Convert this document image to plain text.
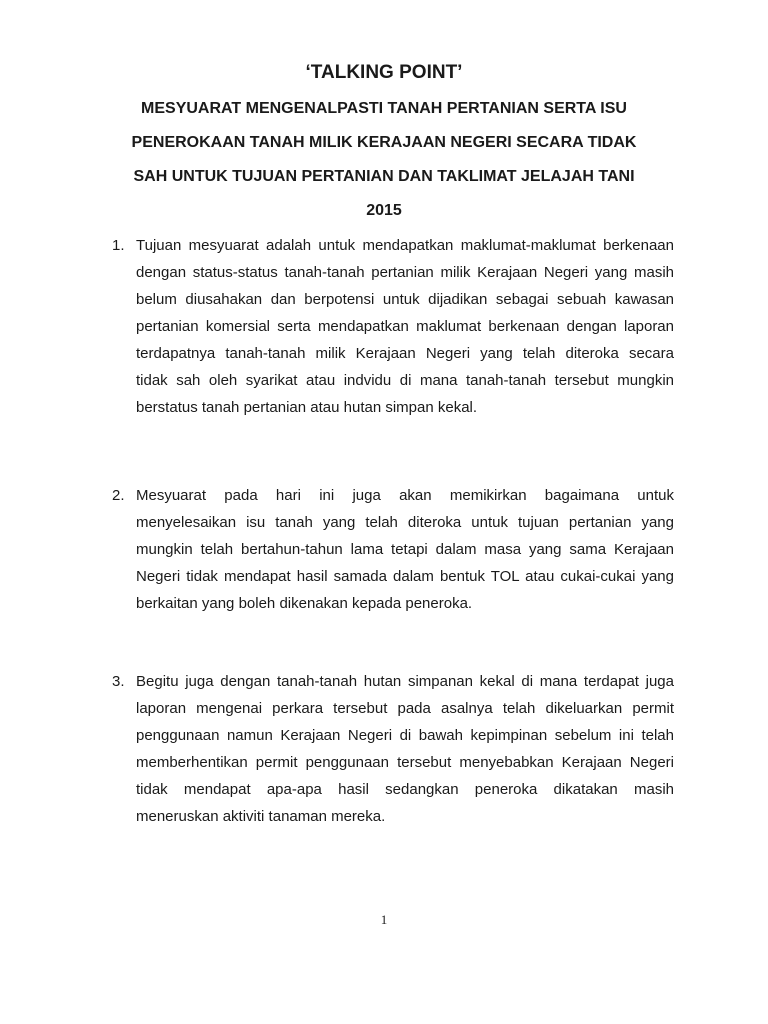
‘TALKING POINT’
MESYUARAT MENGENALPASTI TANAH PERTANIAN SERTA ISU
PENEROKAAN TANAH MILIK KERAJAAN NEGERI SECARA TIDAK
SAH UNTUK TUJUAN PERTANIAN DAN TAKLIMAT JELAJAH TANI
2015
1. Tujuan mesyuarat adalah untuk mendapatkan maklumat-maklumat berkenaan
dengan status-status tanah-tanah pertanian milik Kerajaan Negeri yang masih
belum diusahakan dan berpotensi untuk dijadikan sebagai sebuah kawasan
pertanian komersial serta mendapatkan maklumat berkenaan dengan laporan
terdapatnya tanah-tanah milik Kerajaan Negeri yang telah diteroka secara
tidak sah oleh syarikat atau indvidu di mana tanah-tanah tersebut mungkin
berstatus tanah pertanian atau hutan simpan kekal.
2. Mesyuarat pada hari ini juga akan memikirkan bagaimana untuk
menyelesaikan isu tanah yang telah diteroka untuk tujuan pertanian yang
mungkin telah bertahun-tahun lama tetapi dalam masa yang sama Kerajaan
Negeri tidak mendapat hasil samada dalam bentuk TOL atau cukai-cukai yang
berkaitan yang boleh dikenakan kepada peneroka.
3. Begitu juga dengan tanah-tanah hutan simpanan kekal di mana terdapat juga
laporan mengenai perkara tersebut pada asalnya telah dikeluarkan permit
penggunaan namun Kerajaan Negeri di bawah kepimpinan sebelum ini telah
memberhentikan permit penggunaan tersebut menyebabkan Kerajaan Negeri
tidak mendapat apa-apa hasil sedangkan peneroka dikatakan masih
meneruskan aktiviti tanaman mereka.
1
